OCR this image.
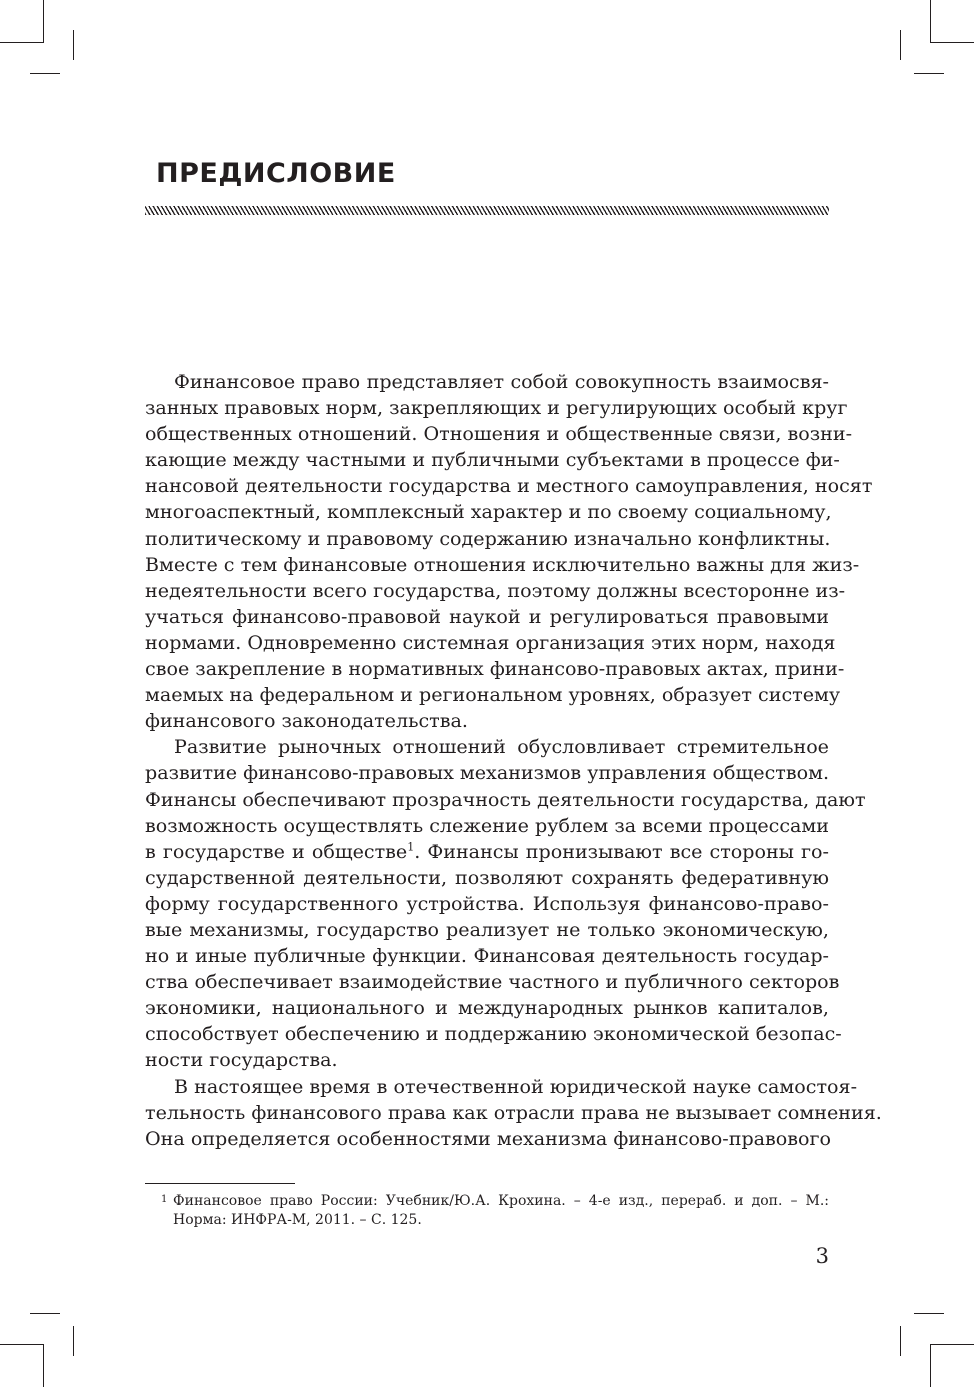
ПРЕДИСЛОВИЕ
Финансовое право представляет собой совокупность взаимосвя-
занных правовых норм, закрепляющих и регулирующих особый круг
общественных отношений. Отношения и общественные связи, возни-
кающие между частными и публичными субъектами в процессе фи-
нансовой деятельности государства и местного самоуправления, носят
многоаспектный, комплексный характер и по своему социальному,
политическому и правовому содержанию изначально конфликтны.
Вместе с тем финансовые отношения исключительно важны для жиз-
недеятельности всего государства, поэтому должны всесторонне из-
учаться финансово-правовой наукой и регулироваться правовыми
нормами. Одновременно системная организация этих норм, находя
свое закрепление в нормативных финансово-правовых актах, прини-
маемых на федеральном и региональном уровнях, образует систему
финансового законодательства.
Развитие рыночных отношений обусловливает стремительное
развитие финансово-правовых механизмов управления обществом.
Финансы обеспечивают прозрачность деятельности государства, дают
возможность осуществлять слежение рублем за всеми процессами
в государстве и обществе$^1$. Финансы пронизывают все стороны го-
сударственной деятельности, позволяют сохранять федеративную
форму государственного устройства. Используя финансово-право-
вые механизмы, государство реализует не только экономическую,
но и иные публичные функции. Финансовая деятельность государ-
ства обеспечивает взаимодействие частного и публичного секторов
экономики, национального и международных рынков капиталов,
способствует обеспечению и поддержанию экономической безопас-
ности государства.
В настоящее время в отечественной юридической науке самостоя-
тельность финансового права как отрасли права не вызывает сомнения.
Она определяется особенностями механизма финансово-правового
1 Финансовое право России: Учебник/Ю.А. Крохина. – 4-е изд., перераб. и доп. – М.:
Норма: ИНФРА-М, 2011. – С. 125.
3
